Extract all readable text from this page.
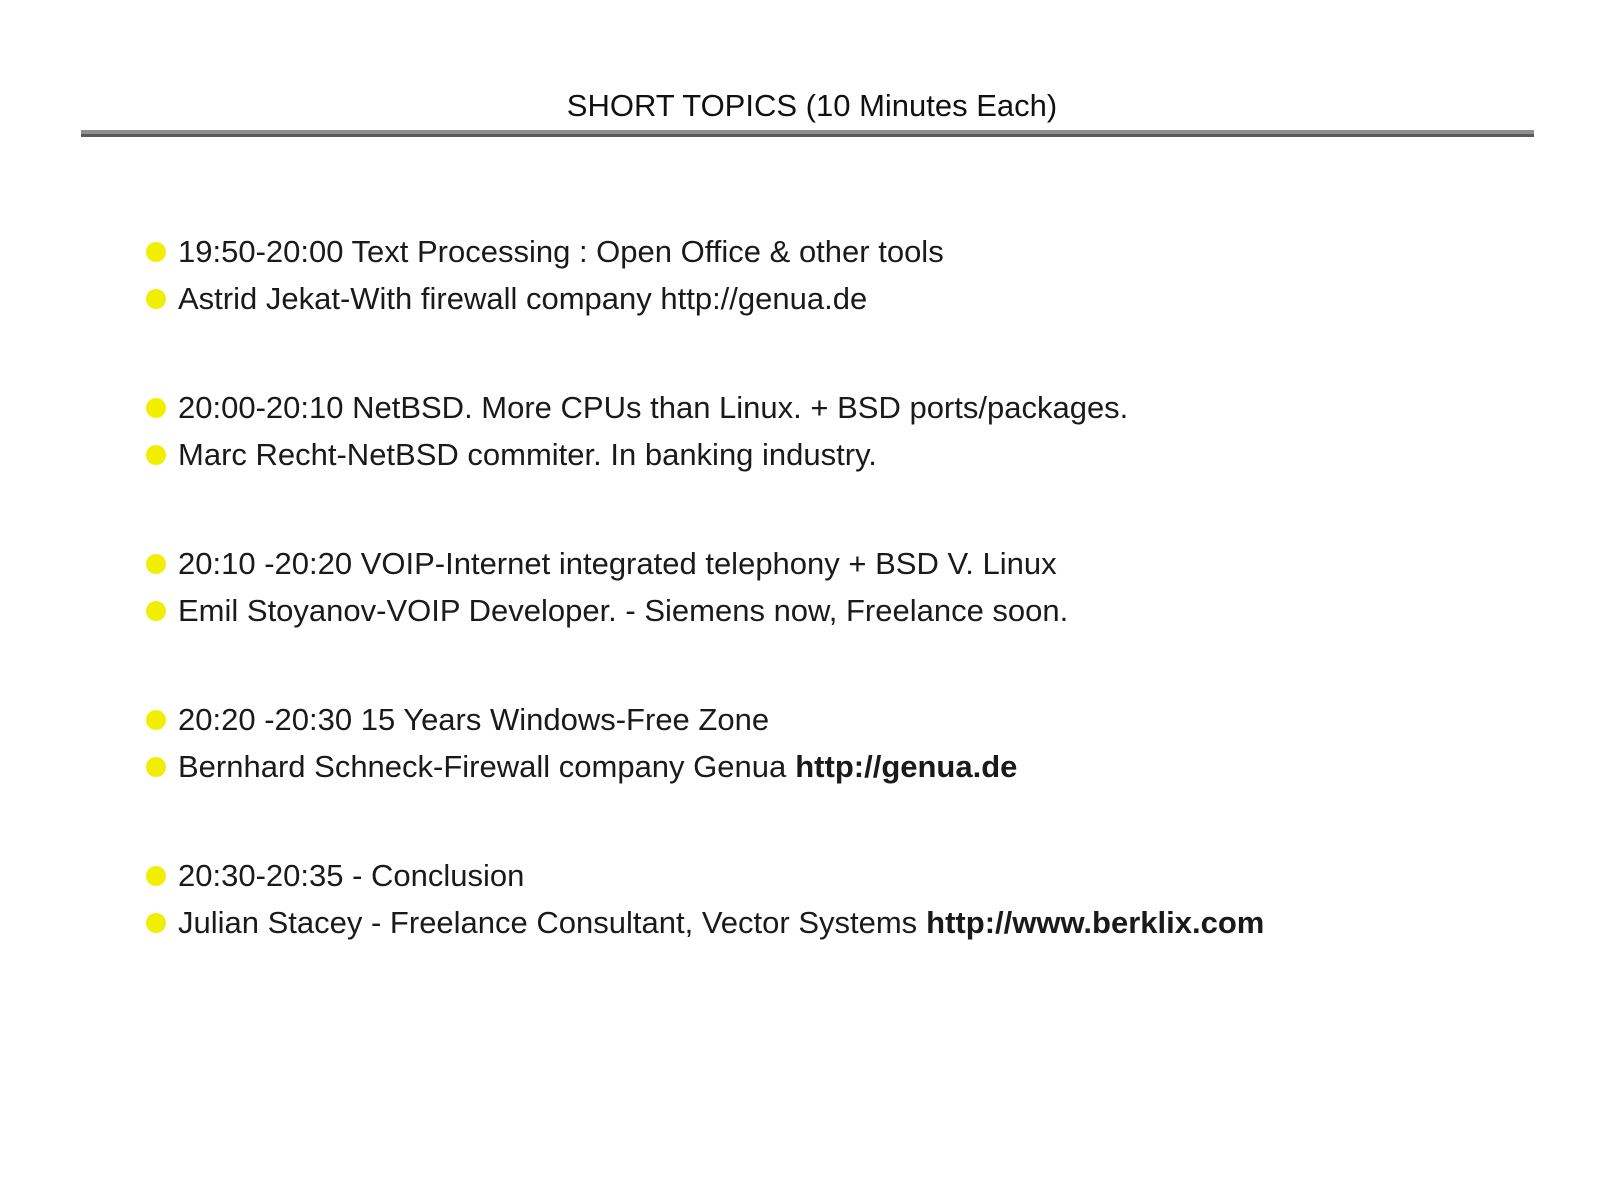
SHORT TOPICS (10 Minutes Each)
19:50-20:00 Text Processing : Open Office & other tools
Astrid Jekat-With firewall company http://genua.de
20:00-20:10 NetBSD. More CPUs than Linux. + BSD ports/packages.
Marc Recht-NetBSD commiter. In banking industry.
20:10 -20:20 VOIP-Internet integrated telephony + BSD V. Linux
Emil Stoyanov-VOIP Developer. - Siemens now, Freelance soon.
20:20 -20:30 15 Years Windows-Free Zone
Bernhard Schneck-Firewall company Genua http://genua.de
20:30-20:35 - Conclusion
Julian Stacey - Freelance Consultant, Vector Systems http://www.berklix.com
